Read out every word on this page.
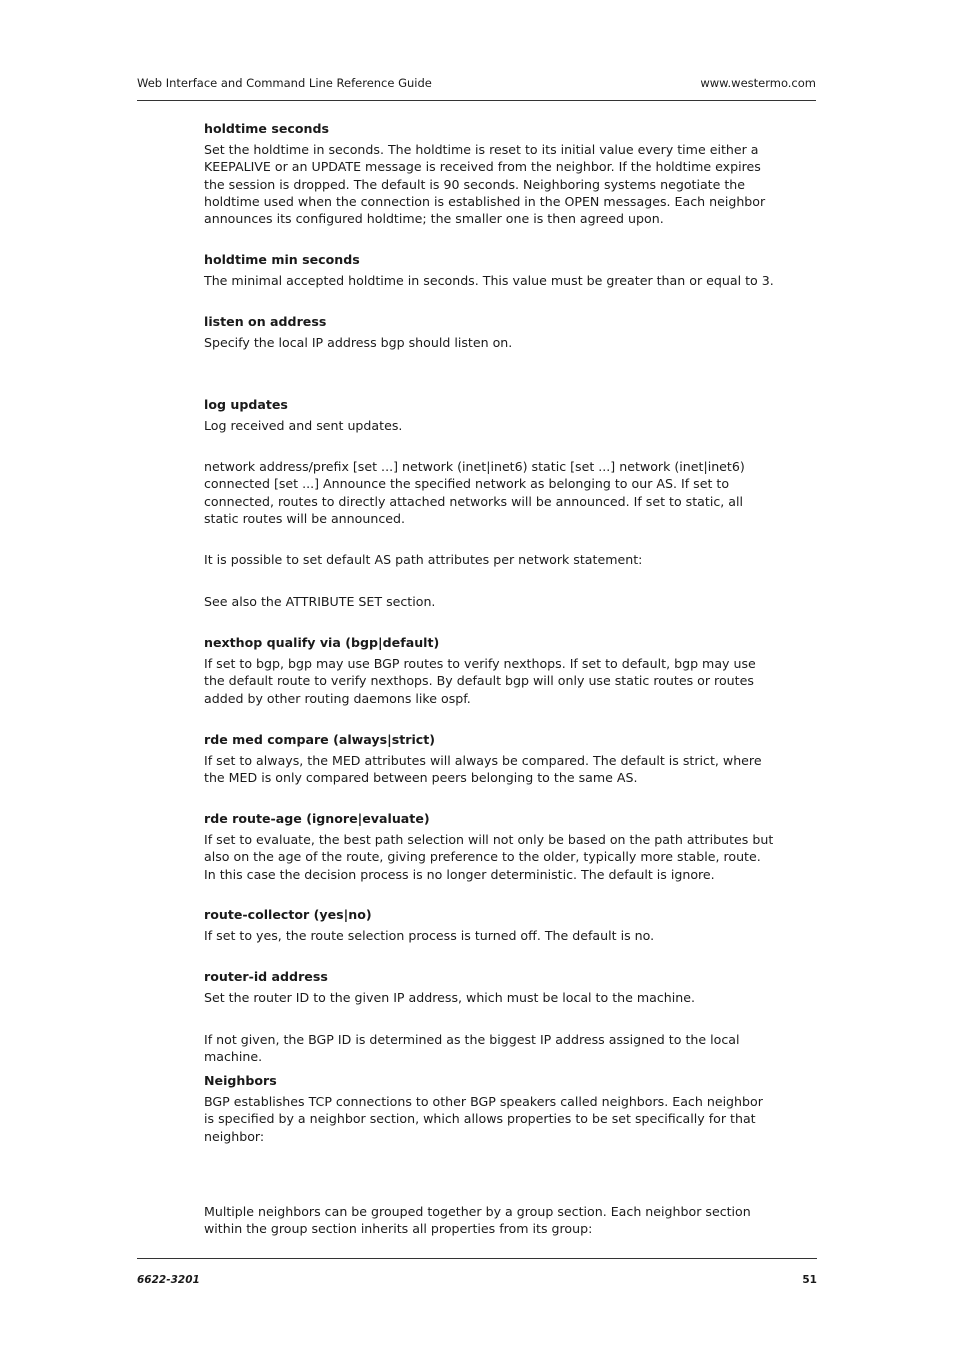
Web Interface and Command Line Reference Guide	www.westermo.com
holdtime seconds

Set the holdtime in seconds. The holdtime is reset to its initial value every time either a KEEPALIVE or an UPDATE message is received from the neighbor. If the holdtime expires the session is dropped. The default is 90 seconds. Neighboring systems negotiate the holdtime used when the connection is established in the OPEN messages. Each neighbor announces its configured holdtime; the smaller one is then agreed upon.

holdtime min seconds

The minimal accepted holdtime in seconds. This value must be greater than or equal to 3.

listen on address

Specify the local IP address bgp should listen on.

log updates

Log received and sent updates.

network address/prefix [set ...] network (inet|inet6) static [set ...] network (inet|inet6) connected [set ...] Announce the specified network as belonging to our AS. If set to connected, routes to directly attached networks will be announced. If set to static, all static routes will be announced.

It is possible to set default AS path attributes per network statement:

See also the ATTRIBUTE SET section.

nexthop qualify via (bgp|default)

If set to bgp, bgp may use BGP routes to verify nexthops. If set to default, bgp may use the default route to verify nexthops. By default bgp will only use static routes or routes added by other routing daemons like ospf.

rde med compare (always|strict)

If set to always, the MED attributes will always be compared. The default is strict, where the MED is only compared between peers belonging to the same AS.

rde route-age (ignore|evaluate)

If set to evaluate, the best path selection will not only be based on the path attributes but also on the age of the route, giving preference to the older, typically more stable, route. In this case the decision process is no longer deterministic. The default is ignore.

route-collector (yes|no)

If set to yes, the route selection process is turned off. The default is no.

router-id address

Set the router ID to the given IP address, which must be local to the machine.

If not given, the BGP ID is determined as the biggest IP address assigned to the local machine.

Neighbors

BGP establishes TCP connections to other BGP speakers called neighbors. Each neighbor is specified by a neighbor section, which allows properties to be set specifically for that neighbor:

Multiple neighbors can be grouped together by a group section. Each neighbor section within the group section inherits all properties from its group:

6622-3201	51
